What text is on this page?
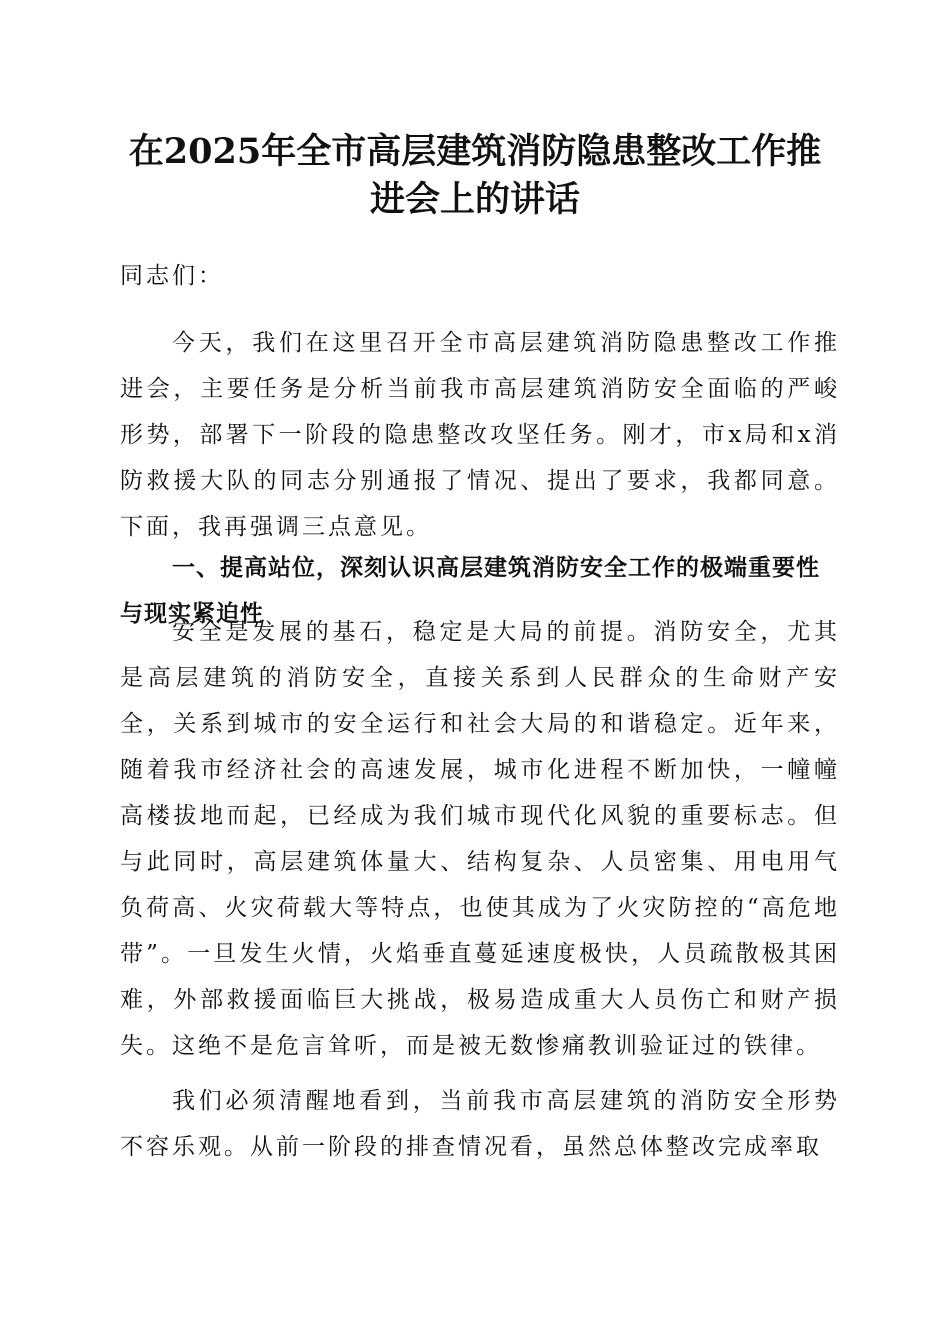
在2025年全市高层建筑消防隐患整改工作推
进会上的讲话

同志们：

今天，我们在这里召开全市高层建筑消防隐患整改工作推进会，主要任务是分析当前我市高层建筑消防安全面临的严峻形势，部署下一阶段的隐患整改攻坚任务。刚才，市x局和x消防救援大队的同志分别通报了情况、提出了要求，我都同意。下面，我再强调三点意见。

一、提高站位，深刻认识高层建筑消防安全工作的极端重要性与现实紧迫性

安全是发展的基石，稳定是大局的前提。消防安全，尤其是高层建筑的消防安全，直接关系到人民群众的生命财产安全，关系到城市的安全运行和社会大局的和谐稳定。近年来，随着我市经济社会的高速发展，城市化进程不断加快，一幢幢高楼拔地而起，已经成为我们城市现代化风貌的重要标志。但与此同时，高层建筑体量大、结构复杂、人员密集、用电用气负荷高、火灾荷载大等特点，也使其成为了火灾防控的“高危地带”。一旦发生火情，火焰垂直蔓延速度极快，人员疏散极其困难，外部救援面临巨大挑战，极易造成重大人员伤亡和财产损失。这绝不是危言耸听，而是被无数惨痛教训验证过的铁律。

我们必须清醒地看到，当前我市高层建筑的消防安全形势不容乐观。从前一阶段的排查情况看，虽然总体整改完成率取
